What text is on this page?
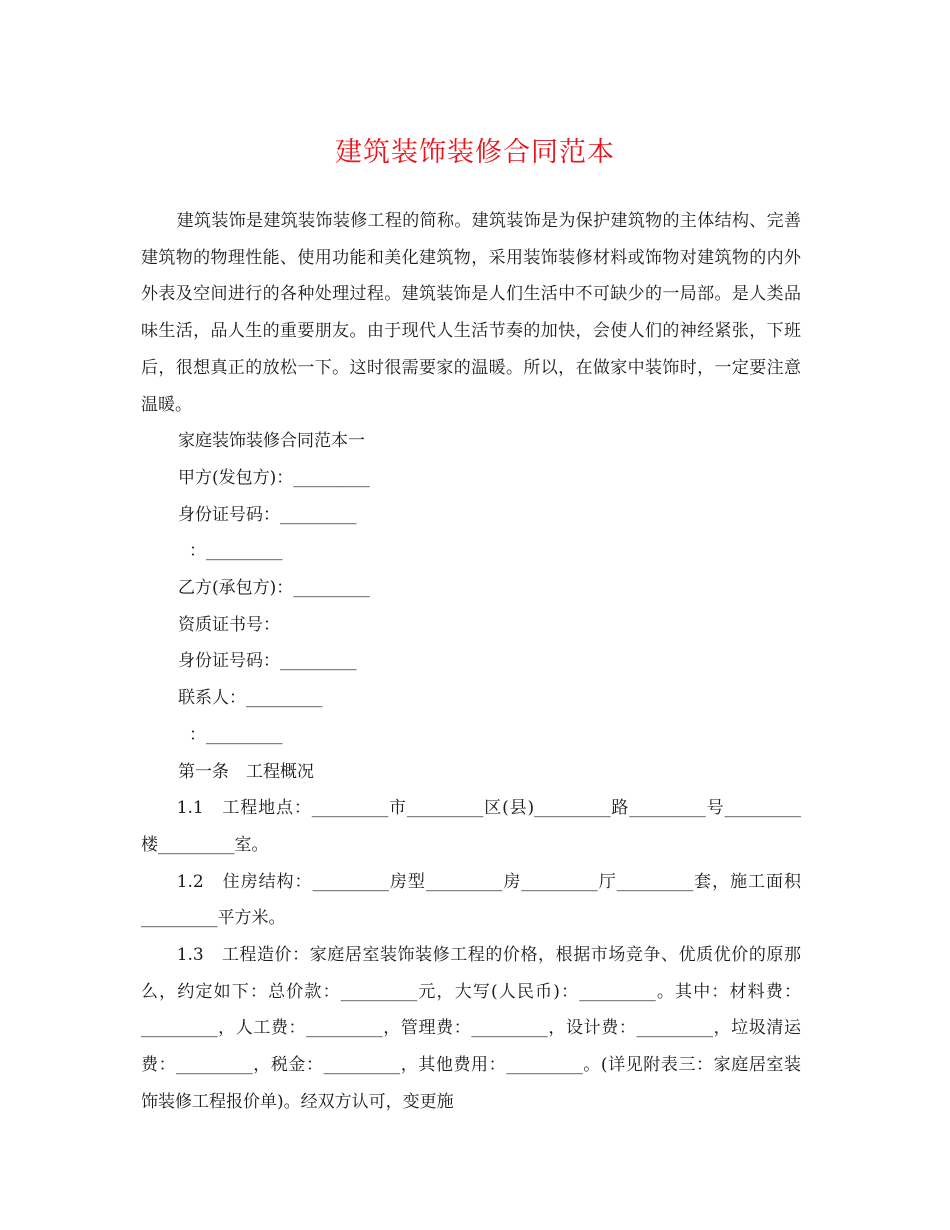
建筑装饰装修合同范本

建筑装饰是建筑装饰装修工程的简称。建筑装饰是为保护建筑物的主体结构、完善建筑物的物理性能、使用功能和美化建筑物，采用装饰装修材料或饰物对建筑物的内外外表及空间进行的各种处理过程。建筑装饰是人们生活中不可缺少的一局部。是人类品味生活，品人生的重要朋友。由于现代人生活节奏的加快，会使人们的神经紧张，下班后，很想真正的放松一下。这时很需要家的温暖。所以，在做家中装饰时，一定要注意温暖。

家庭装饰装修合同范本一

甲方(发包方)：_________

身份证号码：_________

：_________

乙方(承包方)：_________

资质证书号：

身份证号码：_________

联系人：_________

：_________

第一条　工程概况

1.1　工程地点：_________市_________区(县)_________路_________号_________楼_________室。

1.2　住房结构：_________房型_________房_________厅_________套，施工面积_________平方米。

1.3　工程造价：家庭居室装饰装修工程的价格，根据市场竞争、优质优价的原那么，约定如下：总价款：_________元，大写(人民币)：_________。其中：材料费：_________，人工费：_________，管理费：_________，设计费：_________，垃圾清运费：_________，税金：_________，其他费用：_________。(详见附表三：家庭居室装饰装修工程报价单)。经双方认可，变更施
